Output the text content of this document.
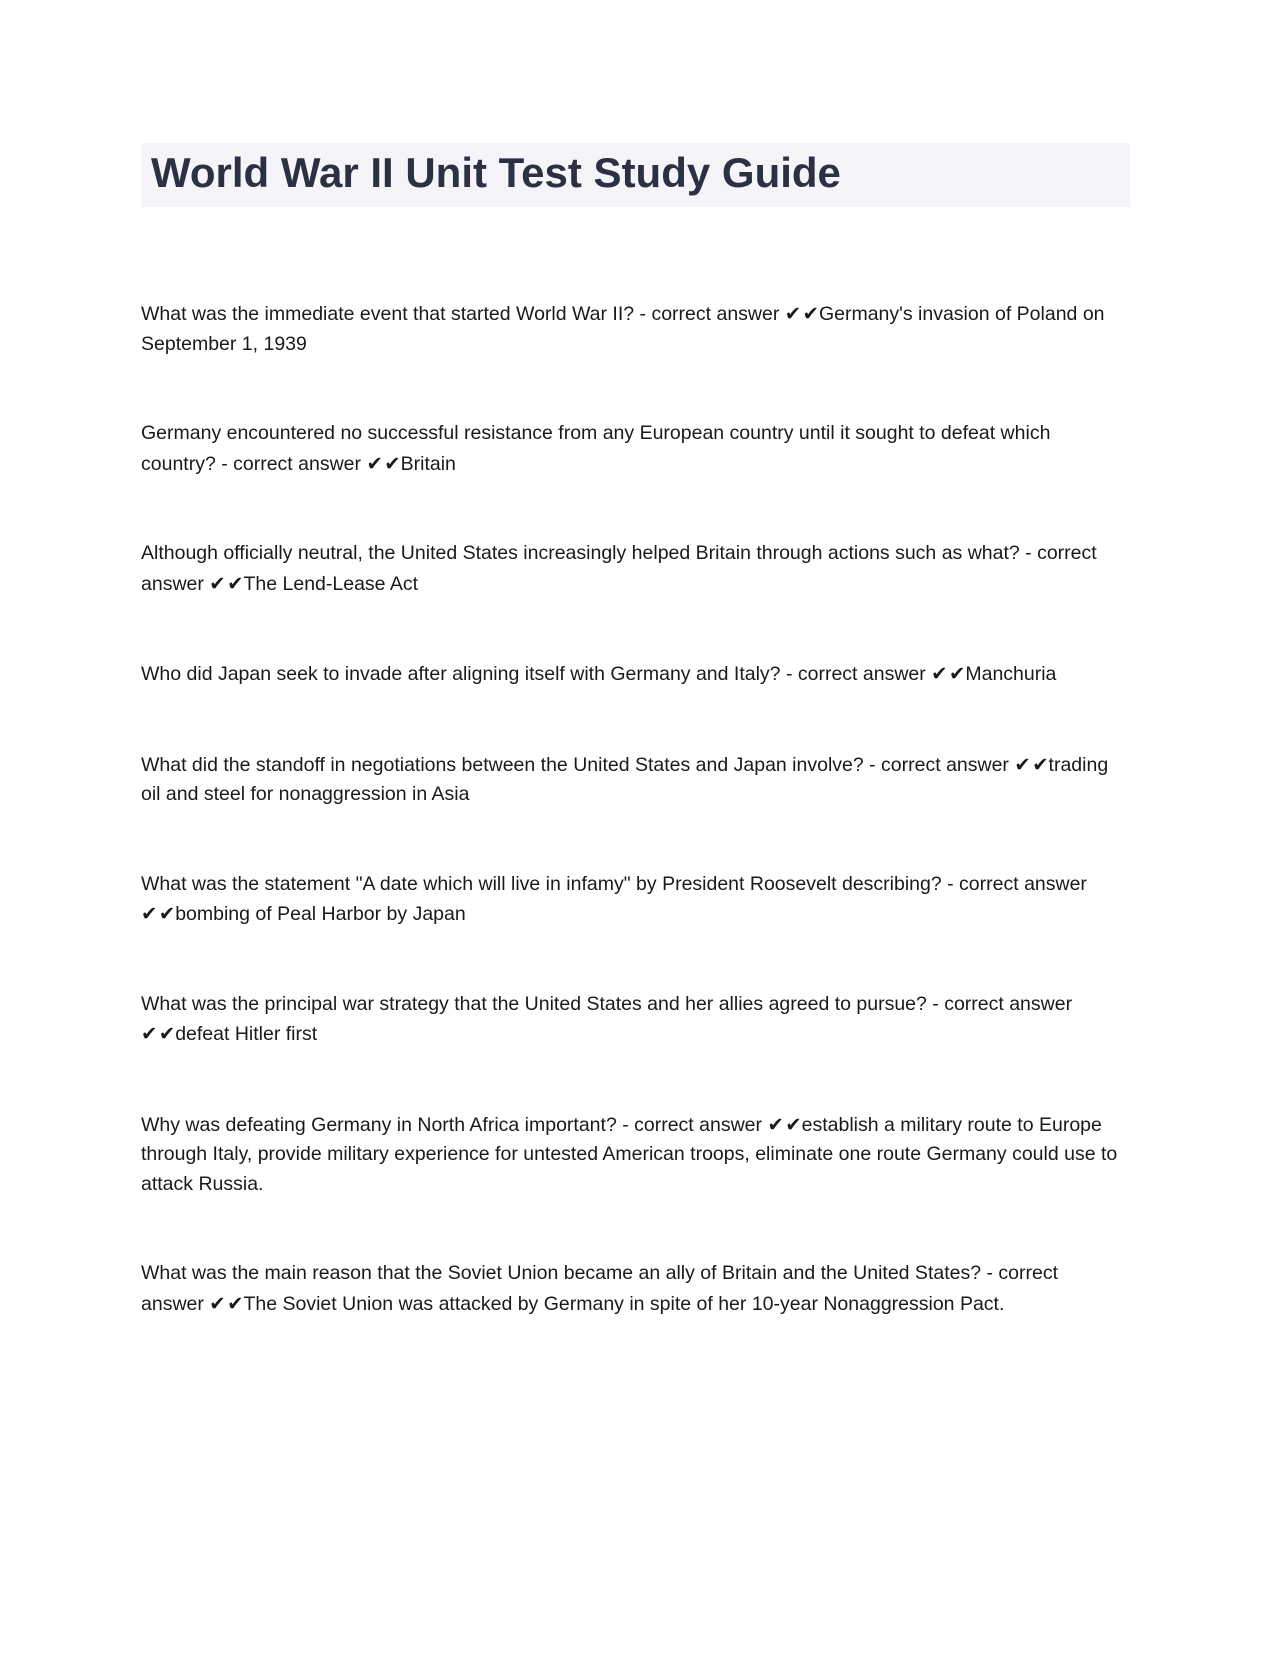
World War II Unit Test Study Guide

What was the immediate event that started World War II? - correct answer ✔✔Germany's invasion of Poland on September 1, 1939

Germany encountered no successful resistance from any European country until it sought to defeat which country? - correct answer ✔✔Britain

Although officially neutral, the United States increasingly helped Britain through actions such as what? - correct answer ✔✔The Lend-Lease Act

Who did Japan seek to invade after aligning itself with Germany and Italy? - correct answer ✔✔Manchuria

What did the standoff in negotiations between the United States and Japan involve? - correct answer ✔✔trading oil and steel for nonaggression in Asia

What was the statement "A date which will live in infamy" by President Roosevelt describing? - correct answer ✔✔bombing of Peal Harbor by Japan

What was the principal war strategy that the United States and her allies agreed to pursue? - correct answer ✔✔defeat Hitler first

Why was defeating Germany in North Africa important? - correct answer ✔✔establish a military route to Europe through Italy, provide military experience for untested American troops, eliminate one route Germany could use to attack Russia.

What was the main reason that the Soviet Union became an ally of Britain and the United States? - correct answer ✔✔The Soviet Union was attacked by Germany in spite of her 10-year Nonaggression Pact.
